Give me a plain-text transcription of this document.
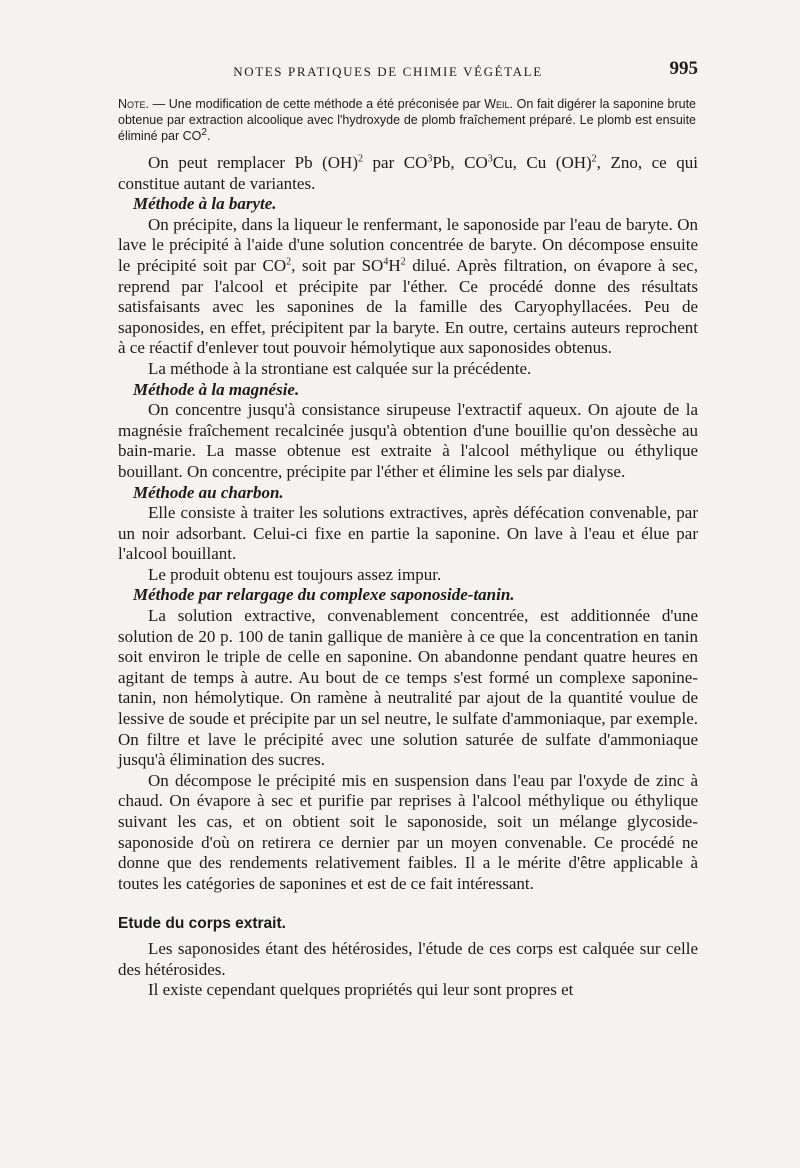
NOTES PRATIQUES DE CHIMIE VÉGÉTALE	995
Note. — Une modification de cette méthode a été préconisée par Weil. On fait digérer la saponine brute obtenue par extraction alcoolique avec l'hydroxyde de plomb fraîchement préparé. Le plomb est ensuite éliminé par $CO^2$.

On peut remplacer Pb (OH)$^2$ par $CO^3Pb$, $CO^3Cu$, Cu (OH)$^2$, Zno, ce qui constitue autant de variantes.

Méthode à la baryte.

On précipite, dans la liqueur le renfermant, le saponoside par l'eau de baryte. On lave le précipité à l'aide d'une solution concentrée de baryte. On décompose ensuite le précipité soit par $CO^2$, soit par $SO^4H^2$ dilué. Après filtration, on évapore à sec, reprend par l'alcool et précipite par l'éther. Ce procédé donne des résultats satisfaisants avec les saponines de la famille des Caryophyllacées. Peu de saponosides, en effet, précipitent par la baryte. En outre, certains auteurs reprochent à ce réactif d'enlever tout pouvoir hémolytique aux saponosides obtenus.

La méthode à la strontiane est calquée sur la précédente.

Méthode à la magnésie.

On concentre jusqu'à consistance sirupeuse l'extractif aqueux. On ajoute de la magnésie fraîchement recalcinée jusqu'à obtention d'une bouillie qu'on dessèche au bain-marie. La masse obtenue est extraite à l'alcool méthylique ou éthylique bouillant. On concentre, précipite par l'éther et élimine les sels par dialyse.

Méthode au charbon.

Elle consiste à traiter les solutions extractives, après défécation convenable, par un noir adsorbant. Celui-ci fixe en partie la saponine. On lave à l'eau et élue par l'alcool bouillant.

Le produit obtenu est toujours assez impur.

Méthode par relargage du complexe saponoside-tanin.

La solution extractive, convenablement concentrée, est additionnée d'une solution de 20 p. 100 de tanin gallique de manière à ce que la concentration en tanin soit environ le triple de celle en saponine. On abandonne pendant quatre heures en agitant de temps à autre. Au bout de ce temps s'est formé un complexe saponine-tanin, non hémolytique. On ramène à neutralité par ajout de la quantité voulue de lessive de soude et précipite par un sel neutre, le sulfate d'ammoniaque, par exemple. On filtre et lave le précipité avec une solution saturée de sulfate d'ammoniaque jusqu'à élimination des sucres.

On décompose le précipité mis en suspension dans l'eau par l'oxyde de zinc à chaud. On évapore à sec et purifie par reprises à l'alcool méthylique ou éthylique suivant les cas, et on obtient soit le saponoside, soit un mélange glycoside-saponoside d'où on retirera ce dernier par un moyen convenable. Ce procédé ne donne que des rendements relativement faibles. Il a le mérite d'être applicable à toutes les catégories de saponines et est de ce fait intéressant.

Etude du corps extrait.

Les saponosides étant des hétérosides, l'étude de ces corps est calquée sur celle des hétérosides.

Il existe cependant quelques propriétés qui leur sont propres et
